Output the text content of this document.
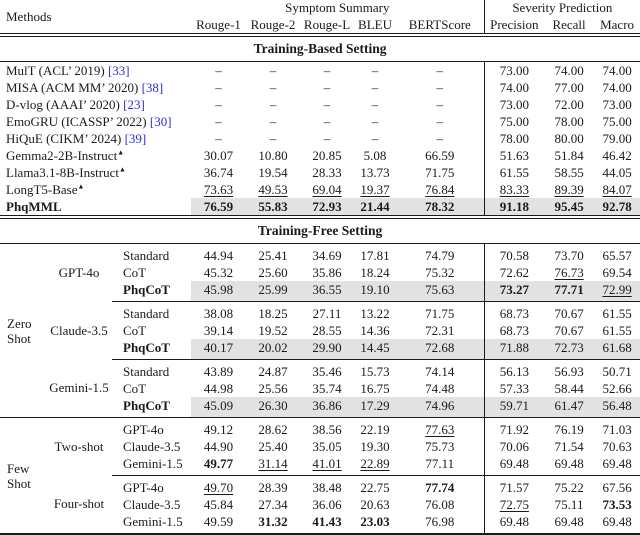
Methods			Symptom Summary					Severity Prediction		
			Rouge-1	Rouge-2	Rouge-L	BLEU	BERTScore	Precision	Recall	Macro
Training-Based Setting										
MulT (ACL’ 2019) [33]			–	–	–	–	–	73.00	74.00	74.00
MISA (ACM MM’ 2020) [38]			–	–	–	–	–	74.00	77.00	74.00
D-vlog (AAAI’ 2020) [23]			–	–	–	–	–	73.00	72.00	73.00
EmoGRU (ICASSP’ 2022) [30]			–	–	–	–	–	75.00	78.00	75.00
HiQuE (CIKM’ 2024) [39]			–	–	–	–	–	78.00	80.00	79.00
Gemma2-2B-Instruct▲			30.07	10.80	20.85	5.08	66.59	51.63	51.84	46.42
Llama3.1-8B-Instruct▲			36.74	19.54	28.33	13.73	71.75	61.55	58.55	44.05
LongT5-Base▲			73.63	49.53	69.04	19.37	76.84	83.33	89.39	84.07
PhqMML			76.59	55.83	72.93	21.44	78.32	91.18	95.45	92.78
Training-Free Setting										
Zero Shot	GPT-4o	Standard	44.94	25.41	34.69	17.81	74.79	70.58	73.70	65.57
		CoT	45.32	25.60	35.86	18.24	75.32	72.62	76.73	69.54
		PhqCoT	45.98	25.99	36.55	19.10	75.63	73.27	77.71	72.99
	Claude-3.5	Standard	38.08	18.25	27.11	13.22	71.75	68.73	70.67	61.55
		CoT	39.14	19.52	28.55	14.36	72.31	68.73	70.67	61.55
		PhqCoT	40.17	20.02	29.90	14.45	72.68	71.88	72.73	61.68
	Gemini-1.5	Standard	43.89	24.87	35.46	15.73	74.14	56.13	56.93	50.71
		CoT	44.98	25.56	35.74	16.75	74.48	57.33	58.44	52.66
		PhqCoT	45.09	26.30	36.86	17.29	74.96	59.71	61.47	56.48
Few Shot	Two-shot	GPT-4o	49.12	28.62	38.56	22.19	77.63	71.92	76.19	71.03
		Claude-3.5	44.90	25.40	35.05	19.30	75.73	70.06	71.54	70.63
		Gemini-1.5	49.77	31.14	41.01	22.89	77.11	69.48	69.48	69.48
	Four-shot	GPT-4o	49.70	28.39	38.48	22.75	77.74	71.57	75.22	67.56
		Claude-3.5	45.84	27.34	36.06	20.63	76.08	72.75	75.11	73.53
		Gemini-1.5	49.59	31.32	41.43	23.03	76.98	69.48	69.48	69.48
